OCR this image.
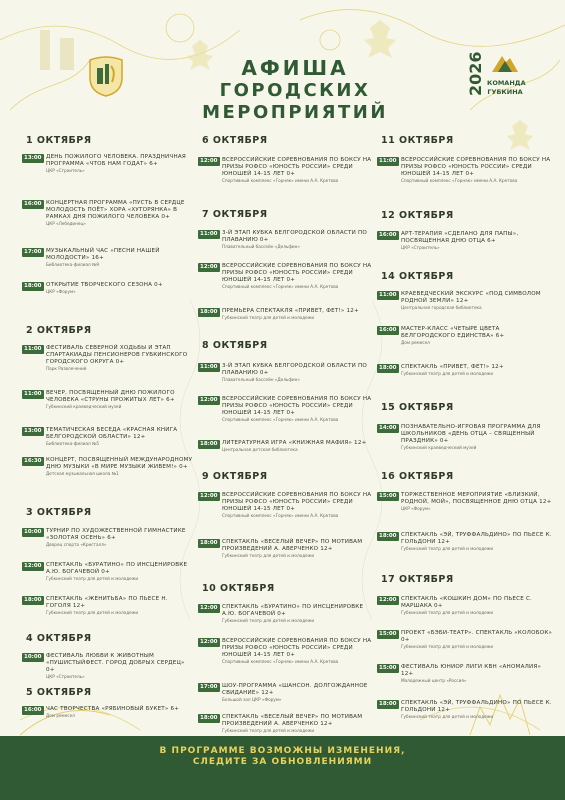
АФИША
ГОРОДСКИХ МЕРОПРИЯТИЙ
2026 КОМАНДА
ГУБКИНА
1 ОКТЯБРЯ
13:00 ДЕНЬ ПОЖИЛОГО ЧЕЛОВЕКА. ПРАЗДНИЧНАЯ ПРОГРАММА «ЧТОБ НАМ ГОДАТ» 6+
ЦКР «Строитель»
16:00 КОНЦЕРТНАЯ ПРОГРАММА «ПУСТЬ В СЕРДЦЕ МОЛОДОСТЬ ПОЁТ» ХОРА «ХУТОРЯНКА» В РАМКАХ ДНЯ ПОЖИЛОГО ЧЕЛОВЕКА 0+
ЦКР «Лебединец»
17:00 МУЗЫКАЛЬНЫЙ ЧАС «ПЕСНИ НАШЕЙ МОЛОДОСТИ» 16+
Библиотека-филиал №9
18:00 ОТКРЫТИЕ ТВОРЧЕСКОГО СЕЗОНА 0+
ЦКР «Форум»
2 ОКТЯБРЯ
11:00 ФЕСТИВАЛЬ СЕВЕРНОЙ ХОДЬБЫ И ЭТАП СПАРТАКИАДЫ ПЕНСИОНЕРОВ ГУБКИНСКОГО ГОРОДСКОГО ОКРУГА 0+
Парк Развлечений
11:00 ВЕЧЕР, ПОСВЯЩЕННЫЙ ДНЮ ПОЖИЛОГО ЧЕЛОВЕКА «СТРУНЫ ПРОЖИТЫХ ЛЕТ» 6+
Губкинский краеведческий музей
13:00 ТЕМАТИЧЕСКАЯ БЕСЕДА «КРАСНАЯ КНИГА БЕЛГОРОДСКОЙ ОБЛАСТИ» 12+
Библиотека-филиал №5
16:30 КОНЦЕРТ, ПОСВЯЩЕННЫЙ МЕЖДУНАРОДНОМУ ДНЮ МУЗЫКИ «В МИРЕ МУЗЫКИ ЖИВЕМ!» 0+
Детская музыкальная школа №1
3 ОКТЯБРЯ
10:00 ТУРНИР ПО ХУДОЖЕСТВЕННОЙ ГИМНАСТИКЕ «ЗОЛОТАЯ ОСЕНЬ» 6+
Дворец спорта «Кристалл»
12:00 СПЕКТАКЛЬ «БУРАТИНО» ПО ИНСЦЕНИРОВКЕ А.Ю. БОГАЧЕВОЙ 0+
Губкинский театр для детей и молодежи
18:00 СПЕКТАКЛЬ «ЖЕНИТЬБА» ПО ПЬЕСЕ Н. ГОГОЛЯ 12+
Губкинский театр для детей и молодежи
4 ОКТЯБРЯ
10:00 ФЕСТИВАЛЬ ЛЮБВИ К ЖИВОТНЫМ «ПУШИСТЫЙФЕСТ. ГОРОД ДОБРЫХ СЕРДЕЦ» 0+
ЦКР «Строитель»
5 ОКТЯБРЯ
16:00 ЧАС ТВОРЧЕСТВА «РЯБИНОВЫЙ БУКЕТ» 6+
Дом ремесел
6 ОКТЯБРЯ
12:00 ВСЕРОССИЙСКИЕ СОРЕВНОВАНИЯ ПО БОКСУ НА ПРИЗЫ РОФСО «ЮНОСТЬ РОССИИ» СРЕДИ ЮНОШЕЙ 14-15 ЛЕТ 0+
Спортивный комплекс «Горняк» имени А.А. Кретова
7 ОКТЯБРЯ
11:00 3-Й ЭТАП КУБКА БЕЛГОРОДСКОЙ ОБЛАСТИ ПО ПЛАВАНИЮ 0+
Плавательный бассейн «Дельфин»
12:00 ВСЕРОССИЙСКИЕ СОРЕВНОВАНИЯ ПО БОКСУ НА ПРИЗЫ РОФСО «ЮНОСТЬ РОССИИ» СРЕДИ ЮНОШЕЙ 14-15 ЛЕТ 0+
Спортивный комплекс «Горняк» имени А.А. Кретова
18:00 ПРЕМЬЕРА СПЕКТАКЛЯ «ПРИВЕТ, ФЕТ!» 12+
Губкинский театр для детей и молодежи
8 ОКТЯБРЯ
11:00 3-Й ЭТАП КУБКА БЕЛГОРОДСКОЙ ОБЛАСТИ ПО ПЛАВАНИЮ 0+
Плавательный бассейн «Дельфин»
12:00 ВСЕРОССИЙСКИЕ СОРЕВНОВАНИЯ ПО БОКСУ НА ПРИЗЫ РОФСО «ЮНОСТЬ РОССИИ» СРЕДИ ЮНОШЕЙ 14-15 ЛЕТ 0+
Спортивный комплекс «Горняк» имени А.А. Кретова
18:00 ЛИТЕРАТУРНАЯ ИГРА «КНИЖНАЯ МАФИЯ» 12+
Центральная детская библиотека
9 ОКТЯБРЯ
12:00 ВСЕРОССИЙСКИЕ СОРЕВНОВАНИЯ ПО БОКСУ НА ПРИЗЫ РОФСО «ЮНОСТЬ РОССИИ» СРЕДИ ЮНОШЕЙ 14-15 ЛЕТ 0+
Спортивный комплекс «Горняк» имени А.А. Кретова
18:00 СПЕКТАКЛЬ «ВЕСЕЛЫЙ ВЕЧЕР» ПО МОТИВАМ ПРОИЗВЕДЕНИЙ А. АВЕРЧЕНКО 12+
Губкинский театр для детей и молодежи
10 ОКТЯБРЯ
12:00 СПЕКТАКЛЬ «БУРАТИНО» ПО ИНСЦЕНИРОВКЕ А.Ю. БОГАЧЕВОЙ 0+
Губкинский театр для детей и молодежи
12:00 ВСЕРОССИЙСКИЕ СОРЕВНОВАНИЯ ПО БОКСУ НА ПРИЗЫ РОФСО «ЮНОСТЬ РОССИИ» СРЕДИ ЮНОШЕЙ 14-15 ЛЕТ 0+
Спортивный комплекс «Горняк» имени А.А. Кретова
17:00 ШОУ-ПРОГРАММА «ШАНСОН. ДОЛГОЖДАННОЕ СВИДАНИЕ» 12+
Большой зал ЦКР «Форум»
18:00 СПЕКТАКЛЬ «ВЕСЕЛЫЙ ВЕЧЕР» ПО МОТИВАМ ПРОИЗВЕДЕНИЙ А. АВЕРЧЕНКО 12+
Губкинский театр для детей и молодежи
11 ОКТЯБРЯ
11:00 ВСЕРОССИЙСКИЕ СОРЕВНОВАНИЯ ПО БОКСУ НА ПРИЗЫ РОФСО «ЮНОСТЬ РОССИИ» СРЕДИ ЮНОШЕЙ 14-15 ЛЕТ 0+
Спортивный комплекс «Горняк» имени А.А. Кретова
12 ОКТЯБРЯ
16:00 АРТ-ТЕРАПИЯ «СДЕЛАНО ДЛЯ ПАПЫ», ПОСВЯЩЕННАЯ ДНЮ ОТЦА 6+
ЦКР «Строитель»
14 ОКТЯБРЯ
11:00 КРАЕВЕДЧЕСКИЙ ЭКСКУРС «ПОД СИМВОЛОМ РОДНОЙ ЗЕМЛИ» 12+
Центральная городская библиотека
16:00 МАСТЕР-КЛАСС «ЧЕТЫРЕ ЦВЕТА БЕЛГОРОДСКОГО ЕДИНСТВА» 6+
Дом ремесел
18:00 СПЕКТАКЛЬ «ПРИВЕТ, ФЕТ!» 12+
Губкинский театр для детей и молодежи
15 ОКТЯБРЯ
14:00 ПОЗНАВАТЕЛЬНО-ИГРОВАЯ ПРОГРАММА ДЛЯ ШКОЛЬНИКОВ «ДЕНЬ ОТЦА – СВЯЩЕННЫЙ ПРАЗДНИК» 0+
Губкинский краеведческий музей
16 ОКТЯБРЯ
15:00 ТОРЖЕСТВЕННОЕ МЕРОПРИЯТИЕ «БЛИЗКИЙ, РОДНОЙ, МОЙ», ПОСВЯЩЕННОЕ ДНЮ ОТЦА 12+
ЦКР «Форум»
18:00 СПЕКТАКЛЬ «ЭЙ, ТРУФФАЛЬДИНО» ПО ПЬЕСЕ К. ГОЛЬДОНИ 12+
Губкинский театр для детей и молодежи
17 ОКТЯБРЯ
12:00 СПЕКТАКЛЬ «КОШКИН ДОМ» ПО ПЬЕСЕ С. МАРШАКА 0+
Губкинский театр для детей и молодежи
15:00 ПРОЕКТ «БЭБИ-ТЕАТР». СПЕКТАКЛЬ «КОЛОБОК» 0+
Губкинский театр для детей и молодежи
15:00 ФЕСТИВАЛЬ ЮНИОР ЛИГИ КВН «АНОМАЛИЯ» 12+
Молодежный центр «Россия»
18:00 СПЕКТАКЛЬ «ЭЙ, ТРУФФАЛЬДИНО» ПО ПЬЕСЕ К. ГОЛЬДОНИ 12+
Губкинский театр для детей и молодежи
В ПРОГРАММЕ ВОЗМОЖНЫ ИЗМЕНЕНИЯ,
СЛЕДИТЕ ЗА ОБНОВЛЕНИЯМИ
